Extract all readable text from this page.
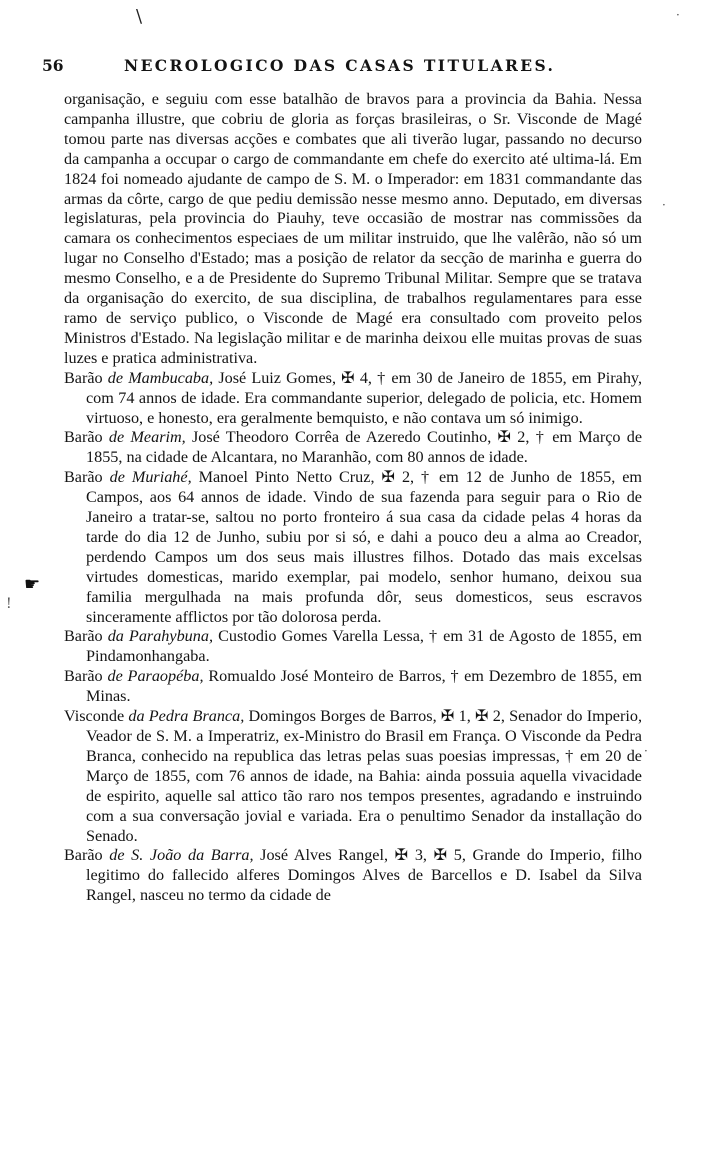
\
56	NECROLOGICO DAS CASAS TITULARES.
·
·
·
☛
!

organisação, e seguiu com esse batalhão de bravos para a provincia da Bahia. Nessa campanha illustre, que cobriu de gloria as forças brasileiras, o Sr. Visconde de Magé tomou parte nas diversas acções e combates que ali tiverão lugar, passando no decurso da campanha a occupar o cargo de commandante em chefe do exercito até ultima-lá. Em 1824 foi nomeado ajudante de campo de S. M. o Imperador: em 1831 commandante das armas da côrte, cargo de que pediu demissão nesse mesmo anno. Deputado, em diversas legislaturas, pela provincia do Piauhy, teve occasião de mostrar nas commissões da camara os conhecimentos especiaes de um militar instruido, que lhe valêrão, não só um lugar no Conselho d'Estado; mas a posição de relator da secção de marinha e guerra do mesmo Conselho, e a de Presidente do Supremo Tribunal Militar. Sempre que se tratava da organisação do exercito, de sua disciplina, de trabalhos regulamentares para esse ramo de serviço publico, o Visconde de Magé era consultado com proveito pelos Ministros d'Estado. Na legislação militar e de marinha deixou elle muitas provas de suas luzes e pratica administrativa.

Barão de Mambucaba, José Luiz Gomes, ✠ 4, † em 30 de Janeiro de 1855, em Pirahy, com 74 annos de idade. Era commandante superior, delegado de policia, etc. Homem virtuoso, e honesto, era geralmente bemquisto, e não contava um só inimigo.

Barão de Mearim, José Theodoro Corrêa de Azeredo Coutinho, ✠ 2, † em Março de 1855, na cidade de Alcantara, no Maranhão, com 80 annos de idade.

Barão de Muriahé, Manoel Pinto Netto Cruz, ✠ 2, † em 12 de Junho de 1855, em Campos, aos 64 annos de idade. Vindo de sua fazenda para seguir para o Rio de Janeiro a tratar-se, saltou no porto fronteiro á sua casa da cidade pelas 4 horas da tarde do dia 12 de Junho, subiu por si só, e dahi a pouco deu a alma ao Creador, perdendo Campos um dos seus mais illustres filhos. Dotado das mais excelsas virtudes domesticas, marido exemplar, pai modelo, senhor humano, deixou sua familia mergulhada na mais profunda dôr, seus domesticos, seus escravos sinceramente afflictos por tão dolorosa perda.

Barão da Parahybuna, Custodio Gomes Varella Lessa, † em 31 de Agosto de 1855, em Pindamonhangaba.

Barão de Paraopéba, Romualdo José Monteiro de Barros, † em Dezembro de 1855, em Minas.

Visconde da Pedra Branca, Domingos Borges de Barros, ✠ 1, ✠ 2, Senador do Imperio, Veador de S. M. a Imperatriz, ex-Ministro do Brasil em França. O Visconde da Pedra Branca, conhecido na republica das letras pelas suas poesias impressas, † em 20 de Março de 1855, com 76 annos de idade, na Bahia: ainda possuia aquella vivacidade de espirito, aquelle sal attico tão raro nos tempos presentes, agradando e instruindo com a sua conversação jovial e variada. Era o penultimo Senador da installação do Senado.

Barão de S. João da Barra, José Alves Rangel, ✠ 3, ✠ 5, Grande do Imperio, filho legitimo do fallecido alferes Domingos Alves de Barcellos e D. Isabel da Silva Rangel, nasceu no termo da cidade de
